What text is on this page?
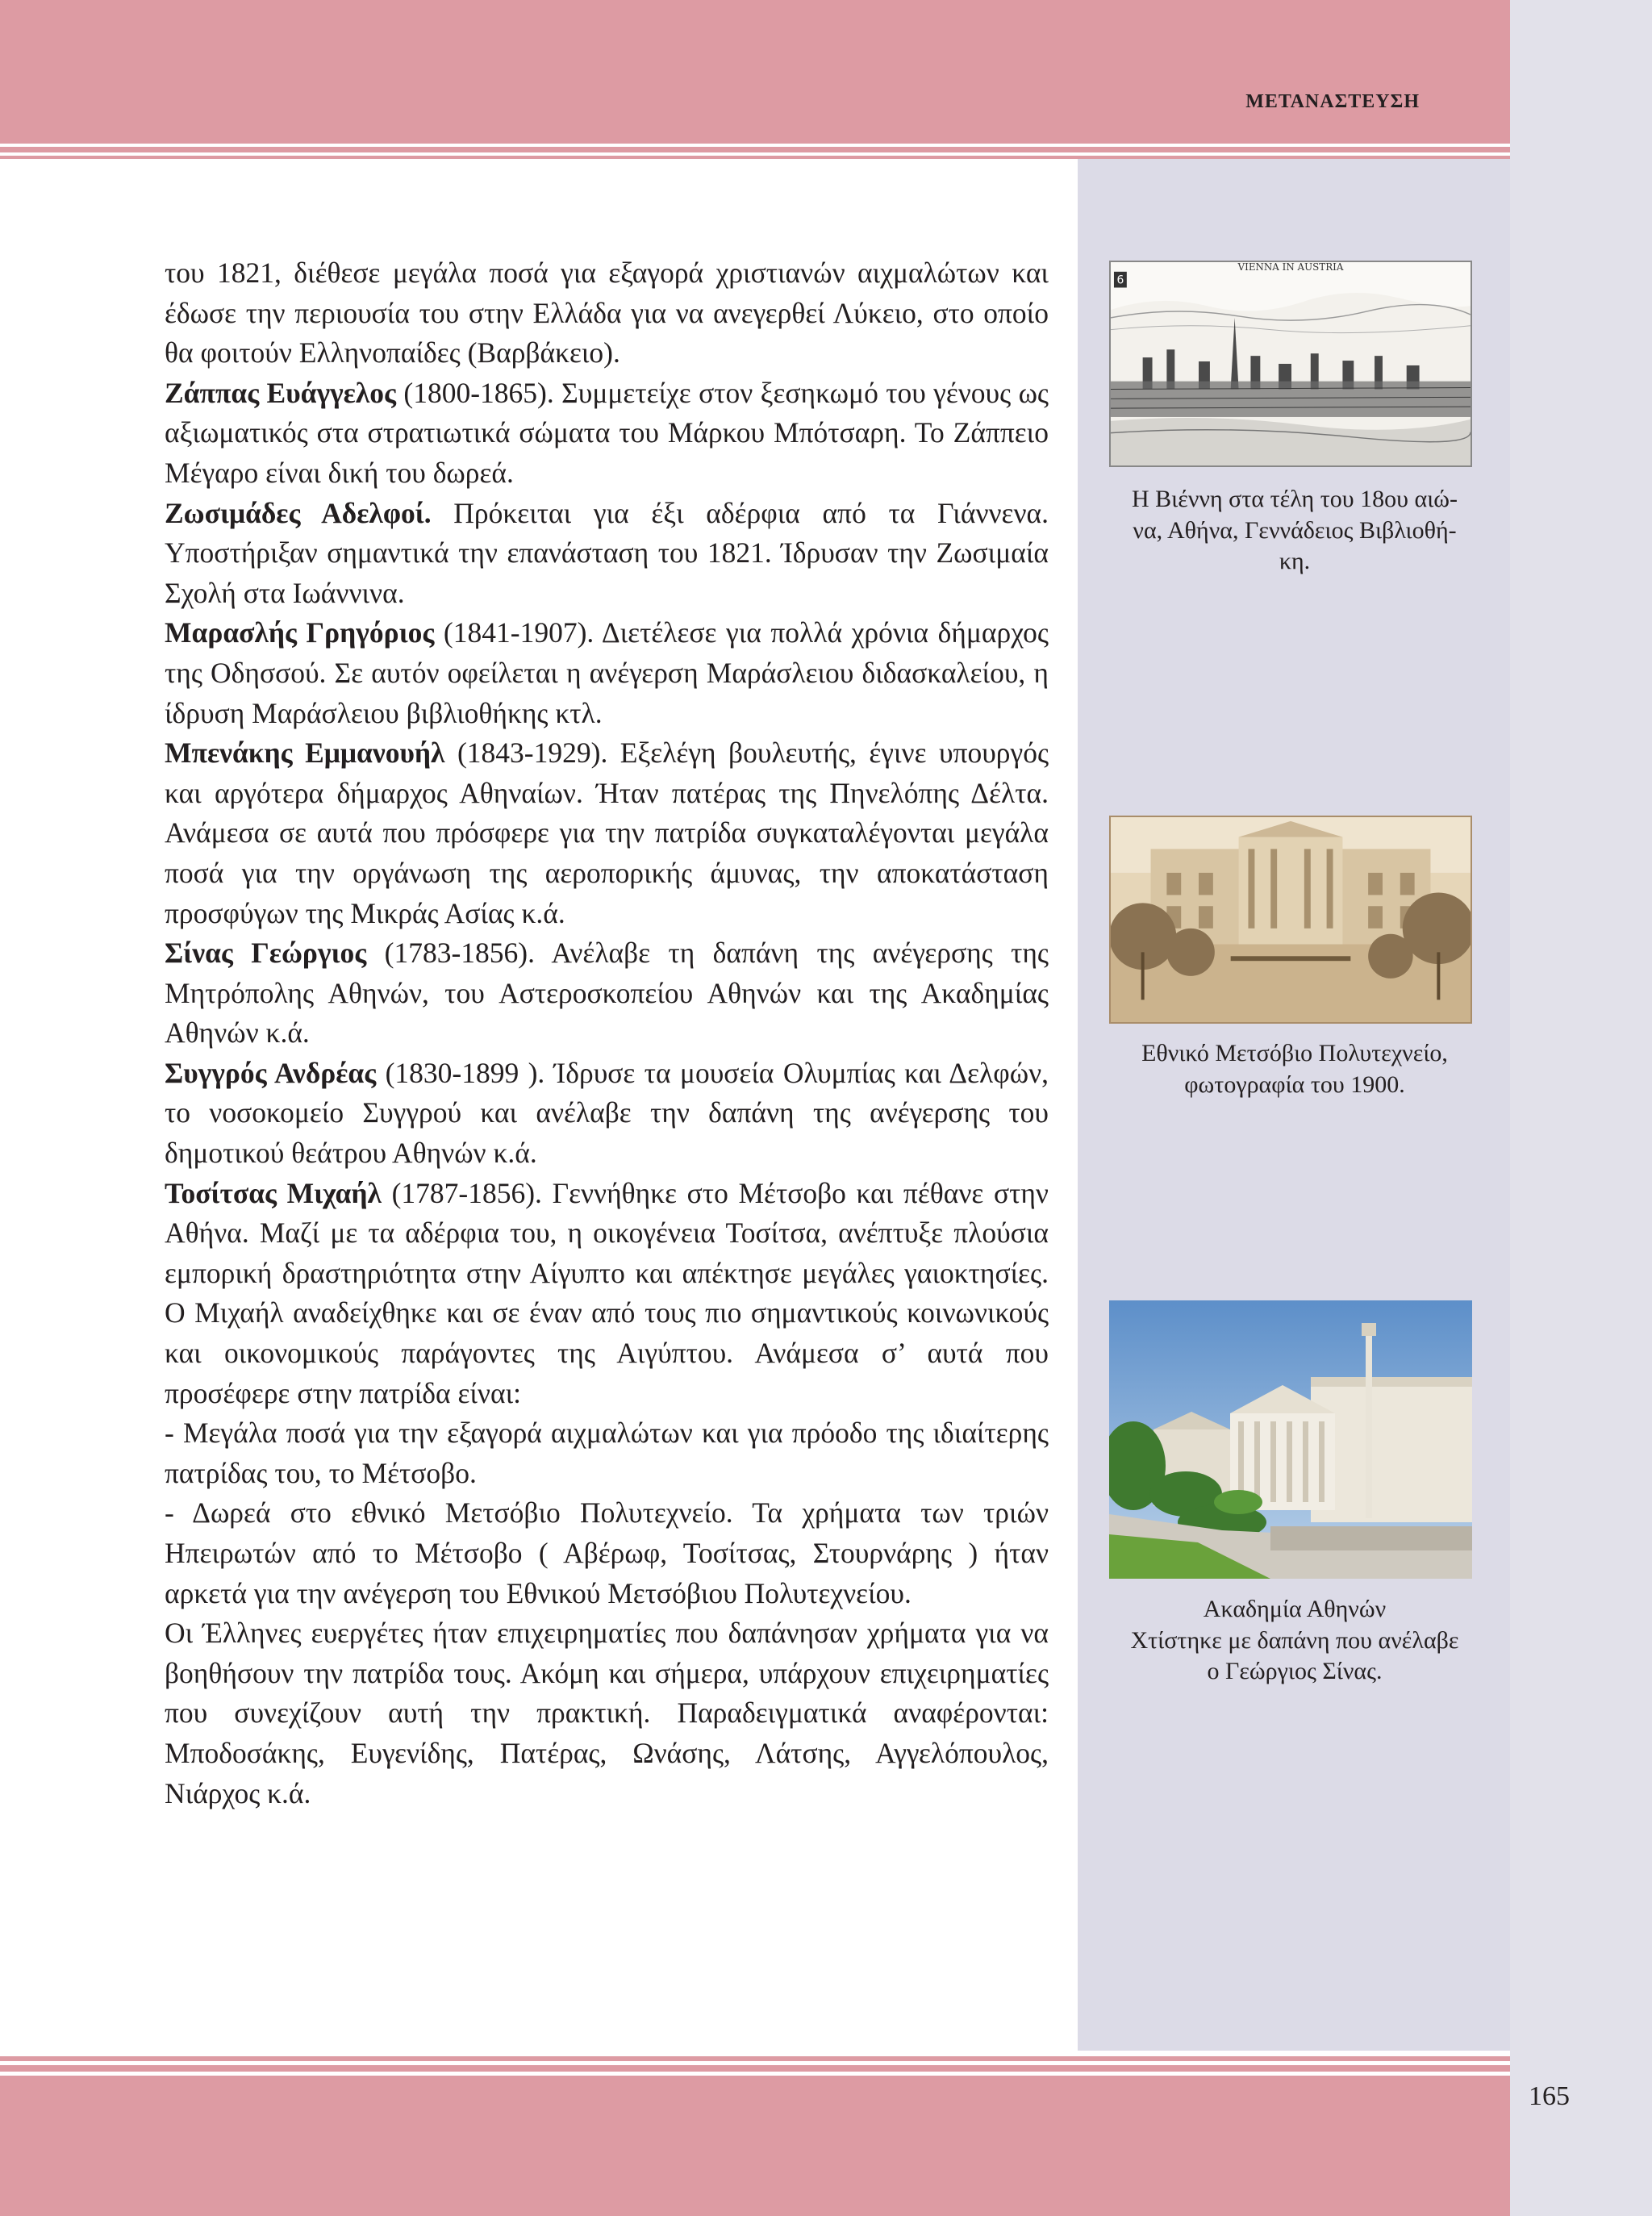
ΜΕΤΑΝΑΣΤΕΥΣΗ
165

του 1821, διέθεσε μεγάλα ποσά για εξαγορά χριστιανών αιχμαλώτων και έδωσε την περιουσία του στην Ελλάδα για να ανεγερθεί Λύκειο, στο οποίο θα φοιτούν Ελληνοπαίδες (Βαρβάκειο).

Ζάππας Ευάγγελος (1800-1865). Συμμετείχε στον ξεσηκωμό του γένους ως αξιωματικός στα στρατιωτικά σώματα του Μάρκου Μπότσαρη. Το Ζάππειο Μέγαρο είναι δική του δωρεά.

Ζωσιμάδες Αδελφοί. Πρόκειται για έξι αδέρφια από τα Γιάννενα. Υποστήριξαν σημαντικά την επανάσταση του 1821. Ίδρυσαν την Ζωσιμαία Σχολή στα Ιωάννινα.

Μαρασλής Γρηγόριος (1841-1907). Διετέλεσε για πολλά χρόνια δήμαρχος της Οδησσού. Σε αυτόν οφείλεται η ανέγερση Μαράσλειου διδασκαλείου, η ίδρυση Μαράσλειου βιβλιοθήκης κτλ.

Μπενάκης Εμμανουήλ (1843-1929). Εξελέγη βουλευτής, έγινε υπουργός και αργότερα δήμαρχος Αθηναίων. Ήταν πατέρας της Πηνελόπης Δέλτα. Ανάμεσα σε αυτά που πρόσφερε για την πατρίδα συγκαταλέγονται μεγάλα ποσά για την οργάνωση της αεροπορικής άμυνας, την αποκατάσταση προσφύγων της Μικράς Ασίας κ.ά.

Σίνας Γεώργιος (1783-1856). Ανέλαβε τη δαπάνη της ανέγερσης της Μητρόπολης Αθηνών, του Αστεροσκοπείου Αθηνών και της Ακαδημίας Αθηνών κ.ά.

Συγγρός Ανδρέας (1830-1899 ). Ίδρυσε τα μουσεία Ολυμπίας και Δελφών, το νοσοκομείο Συγγρού και ανέλαβε την δαπάνη της ανέγερσης του δημοτικού θεάτρου Αθηνών κ.ά.

Τοσίτσας Μιχαήλ (1787-1856). Γεννήθηκε στο Μέτσοβο και πέθανε στην Αθήνα. Μαζί με τα αδέρφια του, η οικογένεια Τοσίτσα, ανέπτυξε πλούσια εμπορική δραστηριότητα στην Αίγυπτο και απέκτησε μεγάλες γαιοκτησίες. Ο Μιχαήλ αναδείχθηκε και σε έναν από τους πιο σημαντικούς κοινωνικούς και οικονομικούς παράγοντες της Αιγύπτου. Ανάμεσα σ’ αυτά που προσέφερε στην πατρίδα είναι:

- Μεγάλα ποσά για την εξαγορά αιχμαλώτων και για πρόοδο της ιδιαίτερης πατρίδας του, το Μέτσοβο.

- Δωρεά στο εθνικό Μετσόβιο Πολυτεχνείο. Τα χρήματα των τριών Ηπειρωτών από το Μέτσοβο ( Αβέρωφ, Τοσίτσας, Στουρνάρης ) ήταν αρκετά για την ανέγερση του Εθνικού Μετσόβιου Πολυτεχνείου.

Οι Έλληνες ευεργέτες ήταν επιχειρηματίες που δαπάνησαν χρήματα για να βοηθήσουν την πατρίδα τους. Ακόμη και σήμερα, υπάρχουν επιχειρηματίες που συνεχίζουν αυτή την πρακτική. Παραδειγματικά αναφέρονται: Μποδοσάκης, Ευγενίδης, Πατέρας, Ωνάσης, Λάτσης, Αγγελόπουλος, Νιάρχος κ.ά.

6
VIENNA IN AUSTRIA
Η Βιέννη στα τέλη του 18ου αιώ-
να, Αθήνα, Γεννάδειος Βιβλιοθή-
κη.
Εθνικό Μετσόβιο Πολυτεχνείο,
φωτογραφία του 1900.
Ακαδημία Αθηνών
Χτίστηκε με δαπάνη που ανέλαβε
ο Γεώργιος Σίνας.
